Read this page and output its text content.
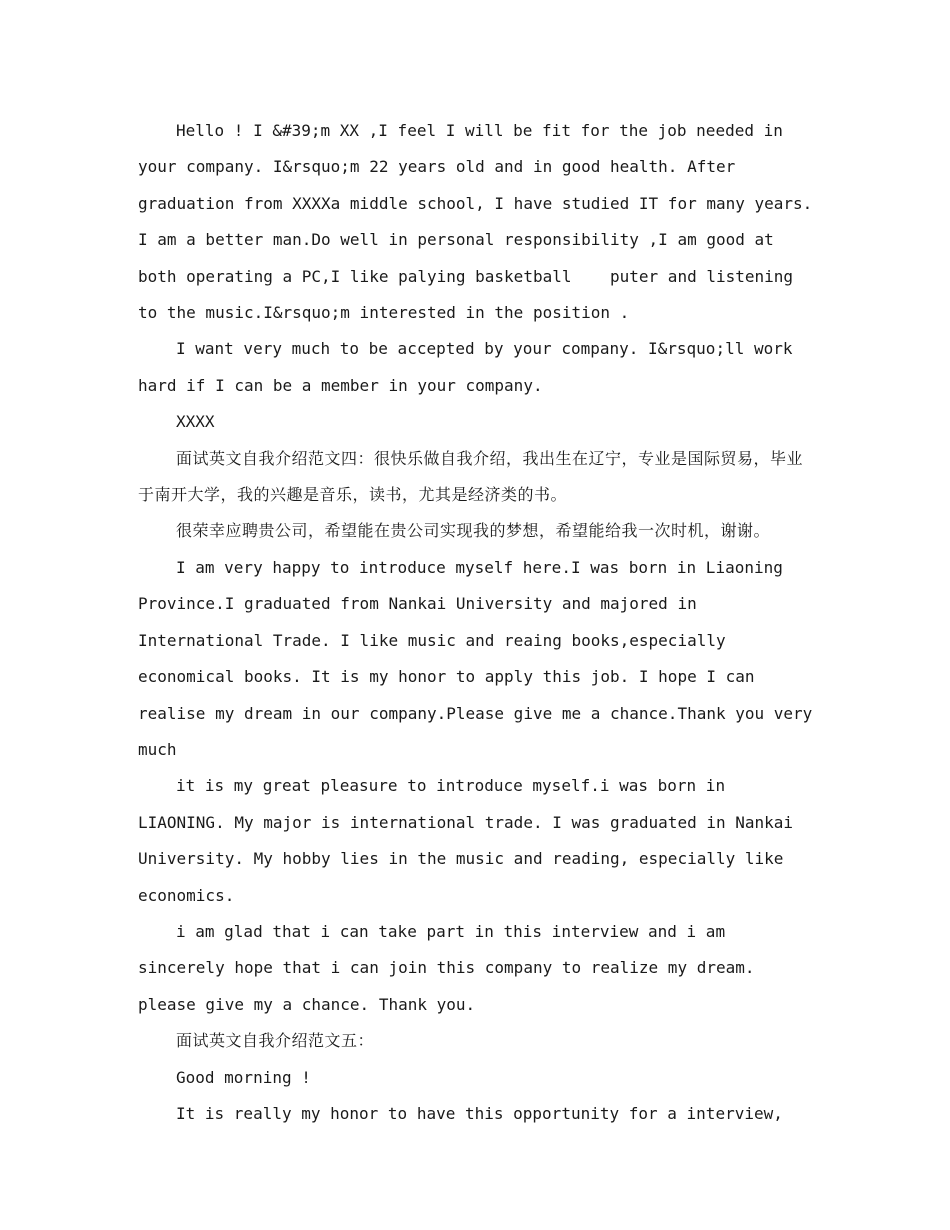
Hello ! I &#39;m XX ,I feel I will be fit for the job needed in your company. I&rsquo;m 22 years old and in good health. After graduation from XXXXa middle school, I have studied IT for many years. I am a better man.Do well in personal responsibility ,I am good at both operating a PC,I like palying basketball    puter and listening to the music.I&rsquo;m interested in the position .

I want very much to be accepted by your company. I&rsquo;ll work hard if I can be a member in your company.

XXXX

面试英文自我介绍范文四：很快乐做自我介绍，我出生在辽宁，专业是国际贸易，毕业于南开大学，我的兴趣是音乐，读书，尤其是经济类的书。

很荣幸应聘贵公司，希望能在贵公司实现我的梦想，希望能给我一次时机，谢谢。

I am very happy to introduce myself here.I was born in Liaoning Province.I graduated from Nankai University and majored in International Trade. I like music and reaing books,especially economical books. It is my honor to apply this job. I hope I can realise my dream in our company.Please give me a chance.Thank you very much

it is my great pleasure to introduce myself.i was born in LIAONING. My major is international trade. I was graduated in Nankai University. My hobby lies in the music and reading, especially like economics.

i am glad that i can take part in this interview and i am sincerely hope that i can join this company to realize my dream. please give my a chance. Thank you.

面试英文自我介绍范文五：

Good morning !

It is really my honor to have this opportunity for a interview,
